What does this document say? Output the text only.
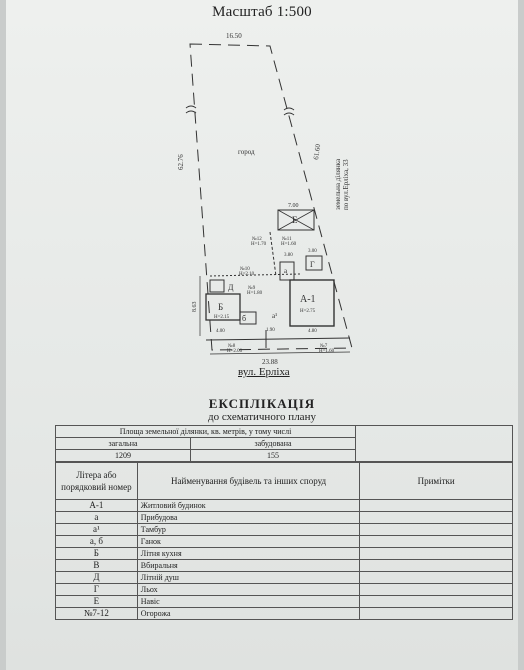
Масштаб 1:500
16.50
62.76
61.60
город
земельна ділянка по вул.Ерліха, 33
8.63
23.88
7.00
Е
А-1
Н=2.75
Б
Н=2.15
Д
Г
а
а¹
б
№12
Н=1.70
№11
Н=1.60
№10
Н=2.10
№9
Н=1.80
№8
Н=2.00
№7
Н=1.60
4.00	1.90	4.80
3.80
3.00
вул. Ерліха
ЕКСПЛІКАЦІЯ
до схематичного плану
Площа земельної ділянки, кв. метрів, у тому числі		
загальна	забудована	
1209	155	
Літера або порядковий номер	Найменування будівель та інших споруд	Примітки
А-1	Житловий будинок	
а	Прибудова	
а¹	Тамбур	
а, б	Ганок	
Б	Літня кухня	
В	Вбиральня	
Д	Літній душ	
Г	Льох	
Е	Навіс	
№7-12	Огорожа	
